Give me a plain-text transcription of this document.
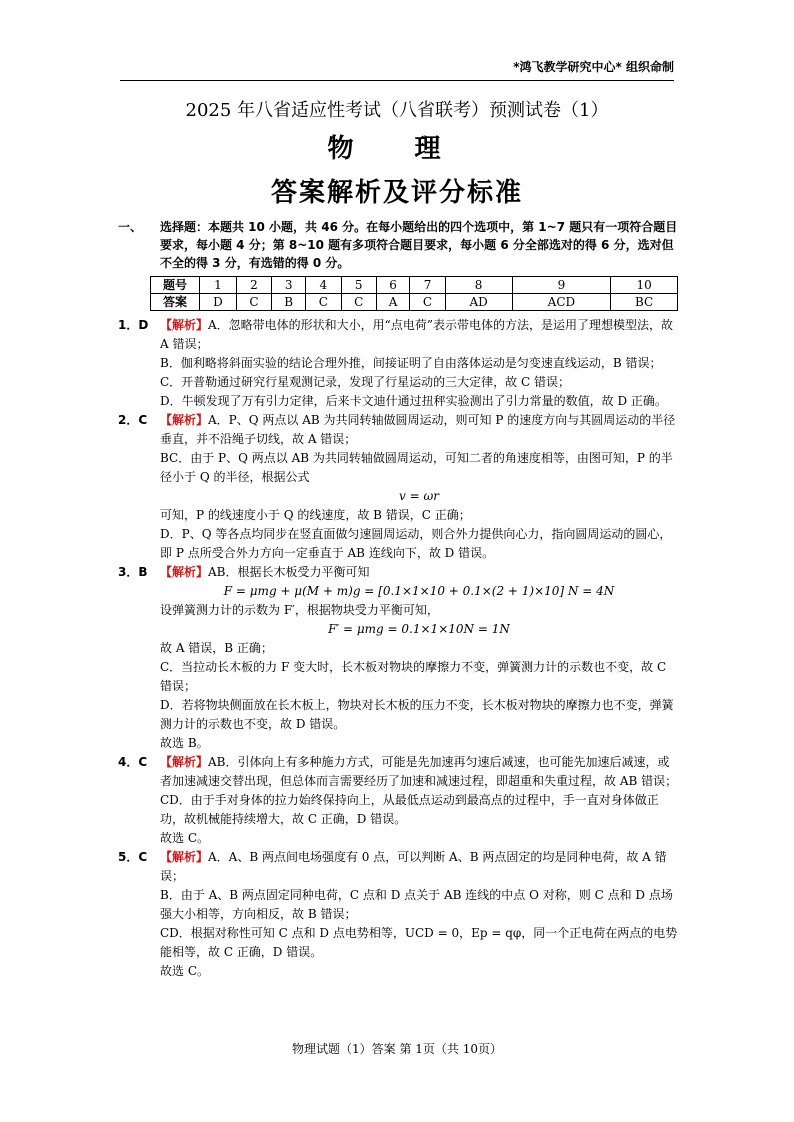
*鸿飞教学研究中心* 组织命制
2025 年八省适应性考试（八省联考）预测试卷（1）
物 理
答案解析及评分标准
一、 选择题：本题共 10 小题，共 46 分。在每小题给出的四个选项中，第 1~7 题只有一项符合题目要求，每小题 4 分；第 8~10 题有多项符合题目要求，每小题 6 分全部选对的得 6 分，选对但不全的得 3 分，有选错的得 0 分。
题号	1	2	3	4	5	6	7	8	9	10
答案	D	C	B	C	C	A	C	AD	ACD	BC
1．D 【解析】A．忽略带电体的形状和大小，用“点电荷”表示带电体的方法，是运用了理想模型法，故 A 错误；

B．伽利略将斜面实验的结论合理外推，间接证明了自由落体运动是匀变速直线运动，B 错误；

C．开普勒通过研究行星观测记录，发现了行星运动的三大定律，故 C 错误；

D．牛顿发现了万有引力定律，后来卡文迪什通过扭秤实验测出了引力常量的数值，故 D 正确。

2．C 【解析】A．P、Q 两点以 AB 为共同转轴做圆周运动，则可知 P 的速度方向与其圆周运动的半径垂直，并不沿绳子切线，故 A 错误；

BC．由于 P、Q 两点以 AB 为共同转轴做圆周运动，可知二者的角速度相等，由图可知，P 的半径小于 Q 的半径，根据公式

v = ωr

可知，P 的线速度小于 Q 的线速度，故 B 错误，C 正确；

D．P、Q 等各点均同步在竖直面做匀速圆周运动，则合外力提供向心力，指向圆周运动的圆心，即 P 点所受合外力方向一定垂直于 AB 连线向下，故 D 错误。

3．B 【解析】AB．根据长木板受力平衡可知

F = μmg + μ(M + m)g = [0.1×1×10 + 0.1×(2 + 1)×10] N = 4N

设弹簧测力计的示数为 F′，根据物块受力平衡可知，

F′ = μmg = 0.1×1×10N = 1N

故 A 错误，B 正确；

C．当拉动长木板的力 F 变大时，长木板对物块的摩擦力不变，弹簧测力计的示数也不变，故 C 错误；

D．若将物块侧面放在长木板上，物块对长木板的压力不变，长木板对物块的摩擦力也不变，弹簧测力计的示数也不变，故 D 错误。

故选 B。

4．C 【解析】AB．引体向上有多种施力方式，可能是先加速再匀速后减速，也可能先加速后减速，或者加速减速交替出现，但总体而言需要经历了加速和减速过程，即超重和失重过程，故 AB 错误；

CD．由于手对身体的拉力始终保持向上，从最低点运动到最高点的过程中，手一直对身体做正功，故机械能持续增大，故 C 正确，D 错误。

故选 C。

5．C 【解析】A．A、B 两点间电场强度有 0 点，可以判断 A、B 两点固定的均是同种电荷，故 A 错误；

B．由于 A、B 两点固定同种电荷，C 点和 D 点关于 AB 连线的中点 O 对称，则 C 点和 D 点场强大小相等，方向相反，故 B 错误；

CD．根据对称性可知 C 点和 D 点电势相等，UCD = 0，Ep = qφ，同一个正电荷在两点的电势能相等，故 C 正确，D 错误。

故选 C。

物理试题（1）答案 第 1页（共 10页）
